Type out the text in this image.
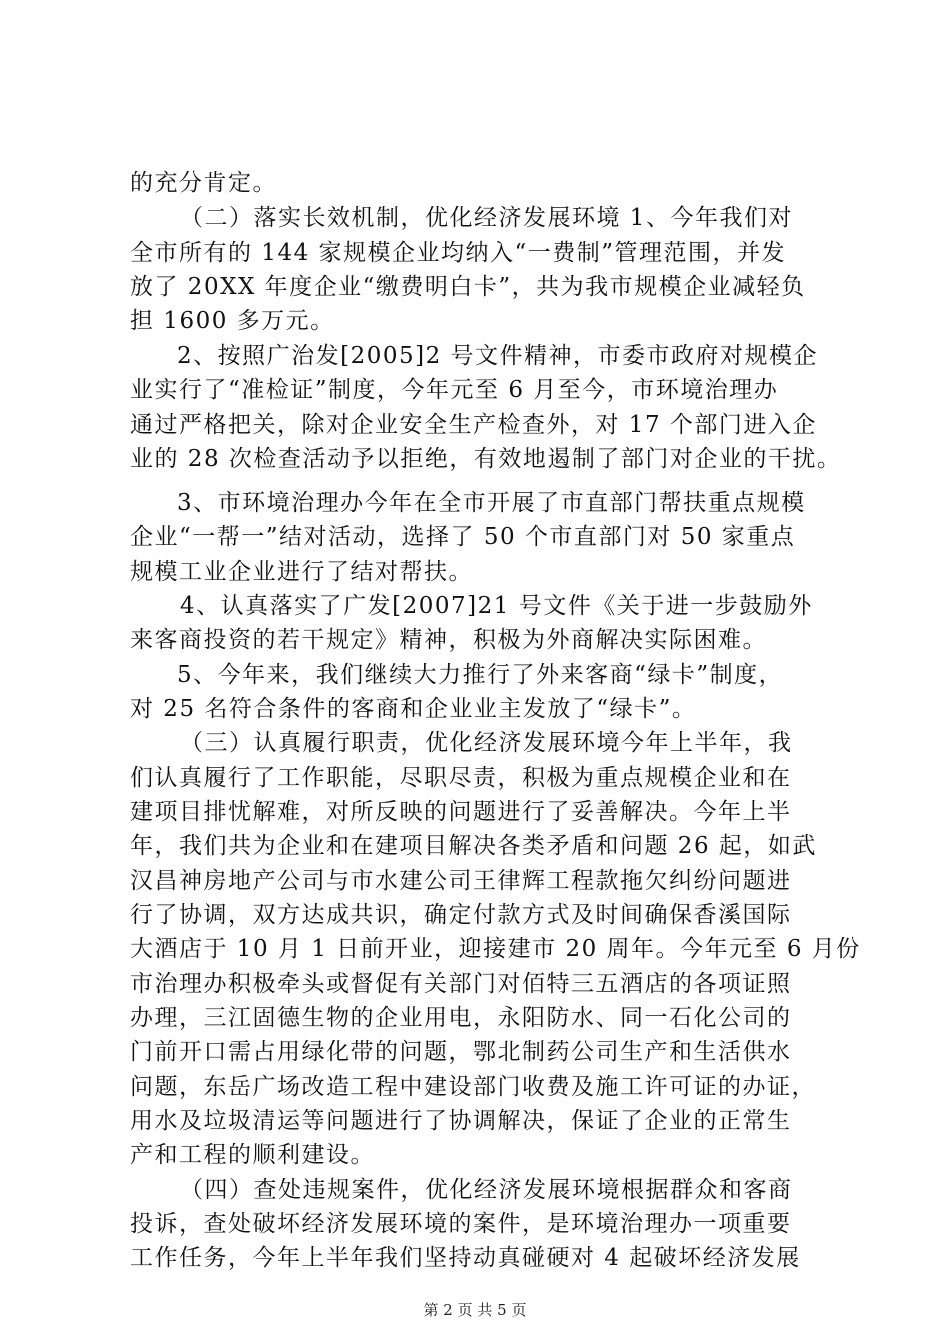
的充分肯定。
（二）落实长效机制，优化经济发展环境 1、今年我们对
全市所有的 144 家规模企业均纳入“一费制”管理范围，并发
放了 20XX 年度企业“缴费明白卡”，共为我市规模企业减轻负
担 1600 多万元。
2、按照广治发[2005]2 号文件精神，市委市政府对规模企
业实行了“准检证”制度，今年元至 6 月至今，市环境治理办
通过严格把关，除对企业安全生产检查外，对 17 个部门进入企
业的 28 次检查活动予以拒绝，有效地遏制了部门对企业的干扰。
3、市环境治理办今年在全市开展了市直部门帮扶重点规模
企业“一帮一”结对活动，选择了 50 个市直部门对 50 家重点
规模工业企业进行了结对帮扶。
4、认真落实了广发[2007]21 号文件《关于进一步鼓励外
来客商投资的若干规定》精神，积极为外商解决实际困难。
5、今年来，我们继续大力推行了外来客商“绿卡”制度，
对 25 名符合条件的客商和企业业主发放了“绿卡”。
（三）认真履行职责，优化经济发展环境今年上半年，我
们认真履行了工作职能，尽职尽责，积极为重点规模企业和在
建项目排忧解难，对所反映的问题进行了妥善解决。今年上半
年，我们共为企业和在建项目解决各类矛盾和问题 26 起，如武
汉昌神房地产公司与市水建公司王律辉工程款拖欠纠纷问题进
行了协调，双方达成共识，确定付款方式及时间确保香溪国际
大酒店于 10 月 1 日前开业，迎接建市 20 周年。今年元至 6 月份
市治理办积极牵头或督促有关部门对佰特三五酒店的各项证照
办理，三江固德生物的企业用电，永阳防水、同一石化公司的
门前开口需占用绿化带的问题，鄂北制药公司生产和生活供水
问题，东岳广场改造工程中建设部门收费及施工许可证的办证，
用水及垃圾清运等问题进行了协调解决，保证了企业的正常生
产和工程的顺利建设。
（四）查处违规案件，优化经济发展环境根据群众和客商
投诉，查处破坏经济发展环境的案件，是环境治理办一项重要
工作任务，今年上半年我们坚持动真碰硬对 4 起破坏经济发展
第 2 页 共 5 页
